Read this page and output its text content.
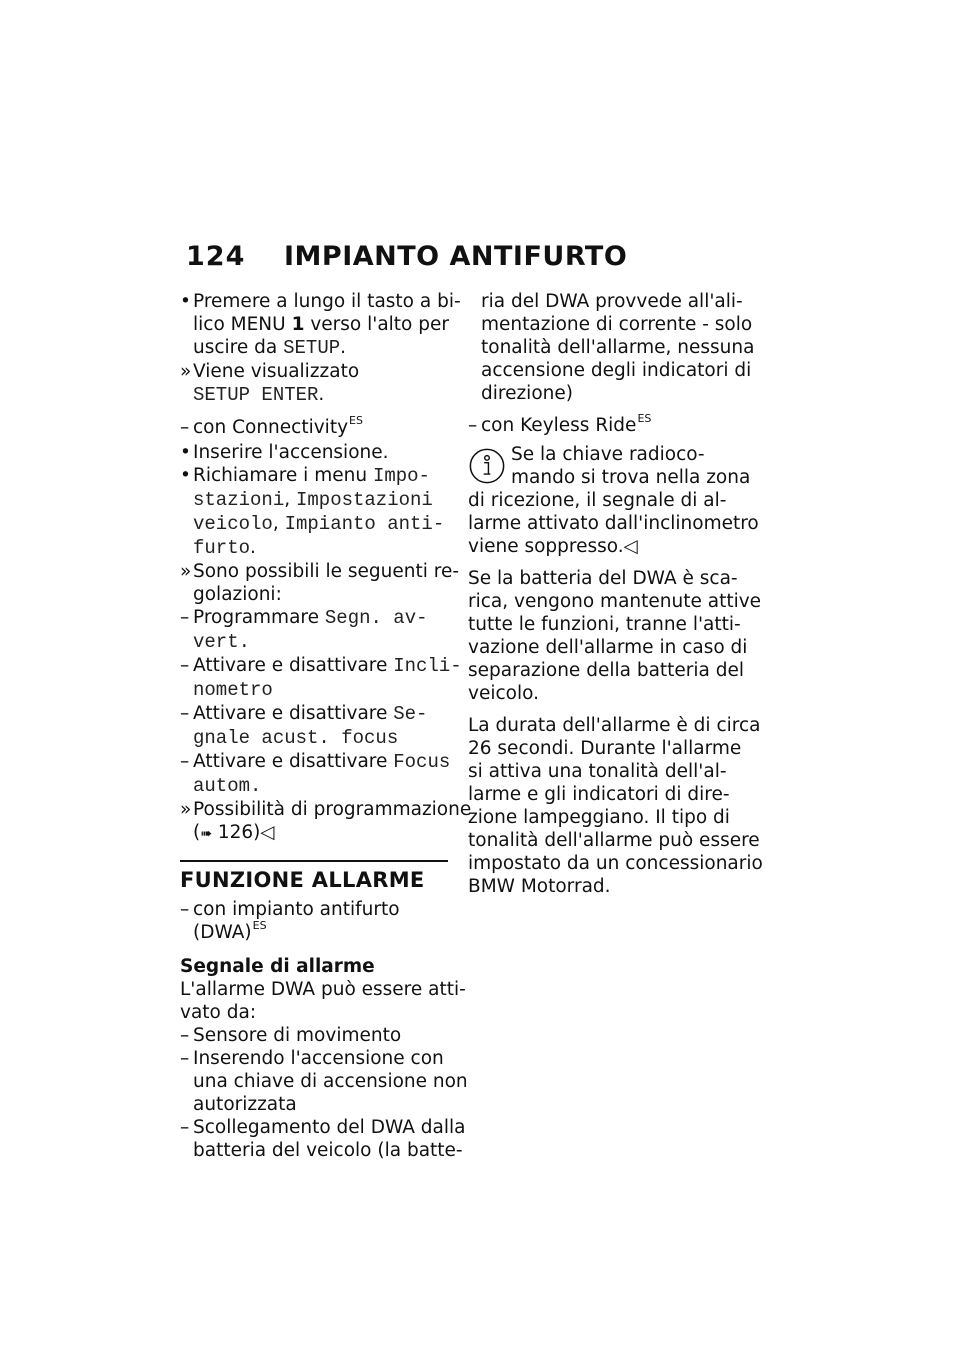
124 IMPIANTO ANTIFURTO
• Premere a lungo il tasto a bi-
lico MENU 1 verso l'alto per
uscire da SETUP.
» Viene visualizzato
SETUP ENTER.
– con Connectivity$^{ES}$
• Inserire l'accensione.
• Richiamare i menu Impo-
stazioni, Impostazioni
veicolo, Impianto anti-
furto.
» Sono possibili le seguenti re-
golazioni:
– Programmare Segn. av-
vert.
– Attivare e disattivare Incli-
nometro
– Attivare e disattivare Se-
gnale acust. focus
– Attivare e disattivare Focus
autom.
» Possibilità di programmazione
(➠ 126)◁
FUNZIONE ALLARME
– con impianto antifurto
(DWA)$^{ES}$
Segnale di allarme
L'allarme DWA può essere atti-
vato da:
– Sensore di movimento
– Inserendo l'accensione con
una chiave di accensione non
autorizzata
– Scollegamento del DWA dalla
batteria del veicolo (la batte-
ria del DWA provvede all'ali-
mentazione di corrente - solo
tonalità dell'allarme, nessuna
accensione degli indicatori di
direzione)
– con Keyless Ride$^{ES}$
Se la chiave radioco-
mando si trova nella zona
di ricezione, il segnale di al-
larme attivato dall'inclinometro
viene soppresso.◁
Se la batteria del DWA è sca-
rica, vengono mantenute attive
tutte le funzioni, tranne l'atti-
vazione dell'allarme in caso di
separazione della batteria del
veicolo.
La durata dell'allarme è di circa
26 secondi. Durante l'allarme
si attiva una tonalità dell'al-
larme e gli indicatori di dire-
zione lampeggiano. Il tipo di
tonalità dell'allarme può essere
impostato da un concessionario
BMW Motorrad.
